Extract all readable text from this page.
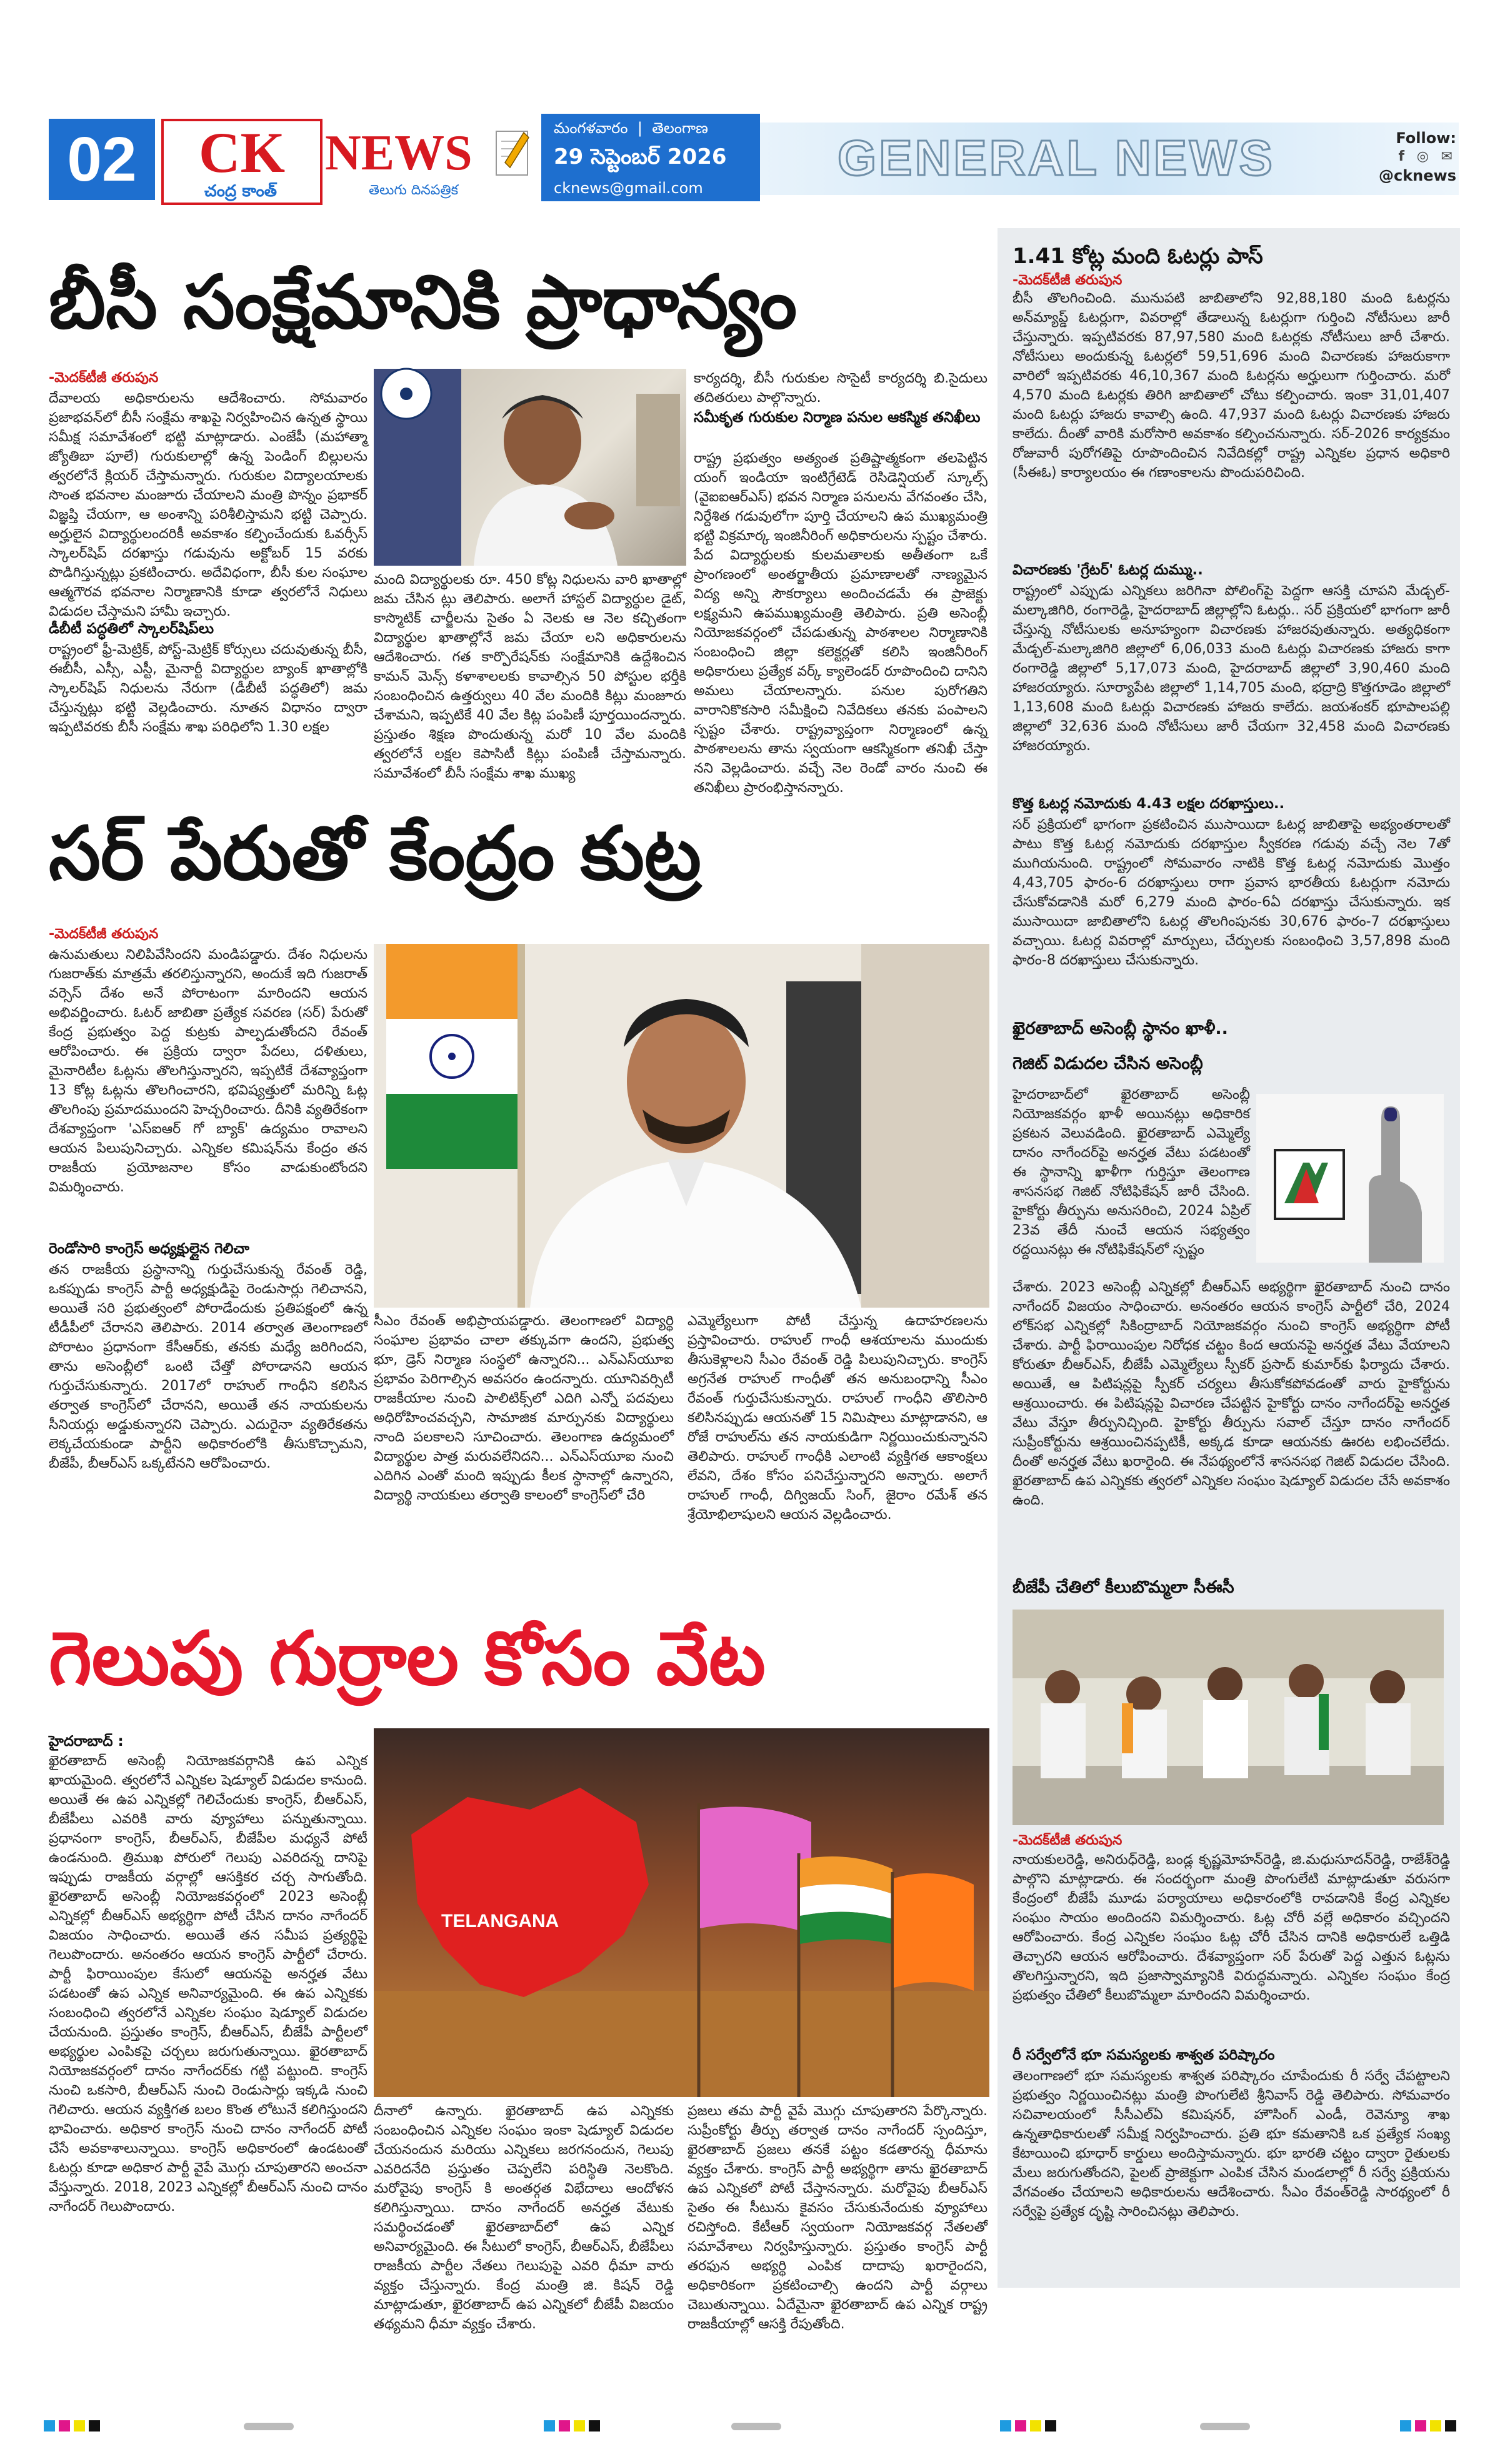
02	CK
చంద్ర కాంత్
NEWS
తెలుగు దినపత్రిక
మంగళవారం  |  తెలంగాణ
29 సెప్టెంబర్ 2026
cknews@gmail.com
GENERAL NEWS	Follow:
f ◎ ✉
@cknews
బీసీ సంక్షేమానికి ప్రాధాన్యం
-మెదక్‌టీజీ తరుపున
దేవాలయ అధికారులను ఆదేశించారు. సోమవారం ప్రజాభవన్‌లో బీసీ సంక్షేమ శాఖపై నిర్వహించిన ఉన్నత స్థాయి సమీక్ష సమావేశంలో భట్టి మాట్లాడారు. ఎంజేపీ (మహాత్మా జ్యోతిబా పూలే) గురుకులాల్లో ఉన్న పెండింగ్ బిల్లులను త్వరలోనే క్లియర్ చేస్తామన్నారు. గురుకుల విద్యాలయాలకు సొంత భవనాల మంజూరు చేయాలని మంత్రి పొన్నం ప్రభాకర్ విజ్ఞప్తి చేయగా, ఆ అంశాన్ని పరిశీలిస్తామని భట్టి చెప్పారు. అర్హులైన విద్యార్థులందరికీ అవకాశం కల్పించేందుకు ఓవర్సీస్ స్కాలర్‌షిప్ దరఖాస్తు గడువును అక్టోబర్ 15 వరకు పొడిగిస్తున్నట్లు ప్రకటించారు. అదేవిధంగా, బీసీ కుల సంఘాల ఆత్మగౌరవ భవనాల నిర్మాణానికి కూడా త్వరలోనే నిధులు విడుదల చేస్తామని హామీ ఇచ్చారు.
డీబీటీ పద్ధతిలో స్కాలర్‌షిప్‌లు
రాష్ట్రంలో ఫ్రీ-మెట్రిక్, పోస్ట్-మెట్రిక్ కోర్సులు చదువుతున్న బీసీ, ఈబీసీ, ఎస్సీ, ఎస్టీ, మైనార్టీ విద్యార్థుల బ్యాంక్ ఖాతాల్లోకి స్కాలర్‌షిప్ నిధులను నేరుగా (డీబీటీ పద్ధతిలో) జమ చేస్తున్నట్లు భట్టి వెల్లడించారు. నూతన విధానం ద్వారా ఇప్పటివరకు బీసీ సంక్షేమ శాఖ పరిధిలోని 1.30 లక్షల
మంది విద్యార్థులకు రూ. 450 కోట్ల నిధులను వారి ఖాతాల్లో జమ చేసిన ట్లు తెలిపారు. అలాగే హాస్టల్ విద్యార్థుల డైట్, కాస్మొటిక్ చార్జీలను సైతం ఏ నెలకు ఆ నెల కచ్చితంగా విద్యార్థుల ఖాతాల్లోనే జమ చేయా లని అధికారులను ఆదేశించారు. గత కార్పొరేషన్‌కు సంక్షేమానికి ఉద్దేశించిన కామన్ మెన్స్ కళాశాలలకు కావాల్సిన 50 పోస్టుల భర్తీకి సంబంధించిన ఉత్తర్వులు 40 వేల మందికి కిట్లు మంజూరు చేశామని, ఇప్పటికే 40 వేల కిట్ల పంపిణీ పూర్తయిందన్నారు. ప్రస్తుతం శిక్షణ పొందుతున్న మరో 10 వేల మందికి త్వరలోనే లక్షల కెపాసిటీ కిట్లు పంపిణీ చేస్తామన్నారు. సమావేశంలో బీసీ సంక్షేమ శాఖ ముఖ్య
కార్యదర్శి, బీసీ గురుకుల సొసైటీ కార్యదర్శి బి.సైదులు తదితరులు పాల్గొన్నారు.
సమీకృత గురుకుల నిర్మాణ పనుల ఆకస్మిక తనిఖీలు
రాష్ట్ర ప్రభుత్వం అత్యంత ప్రతిష్టాత్మకంగా తలపెట్టిన యంగ్ ఇండియా ఇంటిగ్రేటెడ్ రెసిడెన్షియల్ స్కూల్స్ (వైఐఐఆర్‌ఎస్) భవన నిర్మాణ పనులను వేగవంతం చేసి, నిర్దేశిత గడువులోగా పూర్తి చేయాలని ఉప ముఖ్యమంత్రి భట్టి విక్రమార్క ఇంజినీరింగ్ అధికారులను స్పష్టం చేశారు. పేద విద్యార్థులకు కులమతాలకు అతీతంగా ఒకే ప్రాంగణంలో అంతర్జాతీయ ప్రమాణాలతో నాణ్యమైన విద్య అన్ని సౌకర్యాలు అందించడమే ఈ ప్రాజెక్టు లక్ష్యమని ఉపముఖ్యమంత్రి తెలిపారు. ప్రతి అసెంబ్లీ నియోజకవర్గంలో చేపడుతున్న పాఠశాలల నిర్మాణానికి సంబంధించి జిల్లా కలెక్టర్లతో కలిసి ఇంజినీరింగ్ అధికారులు ప్రత్యేక వర్క్ క్యాలెండర్ రూపొందించి దానిని అమలు చేయాలన్నారు. పనుల పురోగతిని వారానికొకసారి సమీక్షించి నివేదికలు తనకు పంపాలని స్పష్టం చేశారు. రాష్ట్రవ్యాప్తంగా నిర్మాణంలో ఉన్న పాఠశాలలను తాను స్వయంగా ఆకస్మికంగా తనిఖీ చేస్తా నని వెల్లడించారు. వచ్చే నెల రెండో వారం నుంచి ఈ తనిఖీలు ప్రారంభిస్తానన్నారు.
సర్ పేరుతో కేంద్రం కుట్ర
-మెదక్‌టీజీ తరుపున
ఉనుమతులు నిలిపివేసిందని మండిపడ్డారు. దేశం నిధులను గుజరాత్‌కు మాత్రమే తరలిస్తున్నారని, అందుకే ఇది గుజరాత్ వర్సెస్ దేశం అనే పోరాటంగా మారిందని ఆయన అభివర్ణించారు. ఓటర్ జాబితా ప్రత్యేక సవరణ (సర్) పేరుతో కేంద్ర ప్రభుత్వం పెద్ద కుట్రకు పాల్పడుతోందని రేవంత్ ఆరోపించారు. ఈ ప్రక్రియ ద్వారా పేదలు, దళితులు, మైనారిటీల ఓట్లను తొలగిస్తున్నారని, ఇప్పటికే దేశవ్యాప్తంగా 13 కోట్ల ఓట్లను తొలగించారని, భవిష్యత్తులో మరిన్ని ఓట్ల తొలగింపు ప్రమాదముందని హెచ్చరించారు. దీనికి వ్యతిరేకంగా దేశవ్యాప్తంగా 'ఎస్‌ఐఆర్ గో బ్యాక్' ఉద్యమం రావాలని ఆయన పిలుపునిచ్చారు. ఎన్నికల కమిషన్‌ను కేంద్రం తన రాజకీయ ప్రయోజనాల కోసం వాడుకుంటోందని విమర్శించారు.
రెండోసారి కాంగ్రెస్ అధ్యక్షుల్లైన గెలిచా
తన రాజకీయ ప్రస్థానాన్ని గుర్తుచేసుకున్న రేవంత్ రెడ్డి, ఒకప్పుడు కాంగ్రెస్ పార్టీ అధ్యక్షుడిపై రెండుసార్లు గెలిచానని, అయితే సరి ప్రభుత్వంలో పోరాడేందుకు ప్రతిపక్షంలో ఉన్న టీడీపీలో చేరానని తెలిపారు. 2014 తర్వాత తెలంగాణలో పోరాటం ప్రధానంగా కేసీఆర్‌కు, తనకు మధ్యే జరిగిందని, తాను అసెంబ్లీలో ఒంటి చేత్తో పోరాడానని ఆయన గుర్తుచేసుకున్నారు. 2017లో రాహుల్ గాంధీని కలిసిన తర్వాత కాంగ్రెస్‌లో చేరానని, అయితే తన నాయకులను సీనియర్లు అడ్డుకున్నారని చెప్పారు. ఎదురైనా వ్యతిరేకతను లెక్కచేయకుండా పార్టీని అధికారంలోకి తీసుకొచ్చామని, బీజేపీ, బీఆర్ఎస్ ఒక్కటేనని ఆరోపించారు.
సీఎం రేవంత్ అభిప్రాయపడ్డారు. తెలంగాణలో విద్యార్థి సంఘాల ప్రభావం చాలా తక్కువగా ఉందని, ప్రభుత్వ భూ, డ్రెస్ నిర్మాణ సంస్థలో ఉన్నారని... ఎన్‌ఎస్‌యూఐ ప్రభావం పెరిగాల్సిన అవసరం ఉందన్నారు. యూనివర్సిటీ రాజకీయాల నుంచి పాలిటిక్స్‌లో ఎదిగి ఎన్నో పదవులు అధిరోహించవచ్చని, సామాజిక మార్పునకు విద్యార్థులు నాంది పలకాలని సూచించారు. తెలంగాణ ఉద్యమంలో విద్యార్థుల పాత్ర మరువలేనిదని... ఎన్‌ఎస్‌యూఐ నుంచి ఎదిగిన ఎంతో మంది ఇప్పుడు కీలక స్థానాల్లో ఉన్నారని, విద్యార్థి నాయకులు తర్వాతి కాలంలో కాంగ్రెస్‌లో చేరి
ఎమ్మెల్యేలుగా పోటీ చేస్తున్న ఉదాహరణలను ప్రస్తావించారు. రాహుల్ గాంధీ ఆశయాలను ముందుకు తీసుకెళ్లాలని సీఎం రేవంత్ రెడ్డి పిలుపునిచ్చారు. కాంగ్రెస్ అగ్రనేత రాహుల్ గాంధీతో తన అనుబంధాన్ని సీఎం రేవంత్ గుర్తుచేసుకున్నారు. రాహుల్ గాంధీని తొలిసారి కలిసినప్పుడు ఆయనతో 15 నిమిషాలు మాట్లాడానని, ఆ రోజే రాహుల్‌ను తన నాయకుడిగా నిర్ణయించుకున్నానని తెలిపారు. రాహుల్ గాంధీకి ఎలాంటి వ్యక్తిగత ఆకాంక్షలు లేవని, దేశం కోసం పనిచేస్తున్నారని అన్నారు. అలాగే రాహుల్ గాంధీ, దిగ్విజయ్ సింగ్, జైరాం రమేశ్ తన శ్రేయోభిలాషులని ఆయన వెల్లడించారు.
గెలుపు గుర్రాల కోసం వేట
హైదరాబాద్ :
ఖైరతాబాద్ అసెంబ్లీ నియోజకవర్గానికి ఉప ఎన్నిక ఖాయమైంది. త్వరలోనే ఎన్నికల షెడ్యూల్ విడుదల కానుంది. అయితే ఈ ఉప ఎన్నికల్లో గెలిచేందుకు కాంగ్రెస్, బీఆర్ఎస్, బీజేపీలు ఎవరికి వారు వ్యూహాలు పన్నుతున్నాయి. ప్రధానంగా కాంగ్రెస్, బీఆర్ఎస్, బీజేపీల మధ్యనే పోటీ ఉండనుంది. త్రిముఖ పోరులో గెలుపు ఎవరిదన్న దానిపై ఇప్పుడు రాజకీయ వర్గాల్లో ఆసక్తికర చర్చ సాగుతోంది. ఖైరతాబాద్ అసెంబ్లీ నియోజకవర్గంలో 2023 అసెంబ్లీ ఎన్నికల్లో బీఆర్ఎస్ అభ్యర్థిగా పోటీ చేసిన దానం నాగేందర్ విజయం సాధించారు. అయితే తన సమీప ప్రత్యర్థిపై గెలుపొందారు. అనంతరం ఆయన కాంగ్రెస్ పార్టీలో చేరారు. పార్టీ ఫిరాయింపుల కేసులో ఆయనపై అనర్హత వేటు పడటంతో ఉప ఎన్నిక అనివార్యమైంది. ఈ ఉప ఎన్నికకు సంబంధించి త్వరలోనే ఎన్నికల సంఘం షెడ్యూల్ విడుదల చేయనుంది. ప్రస్తుతం కాంగ్రెస్, బీఆర్ఎస్, బీజేపీ పార్టీలలో అభ్యర్థుల ఎంపికపై చర్చలు జరుగుతున్నాయి. ఖైరతాబాద్ నియోజకవర్గంలో దానం నాగేందర్‌కు గట్టి పట్టుంది. కాంగ్రెస్ నుంచి ఒకసారి, బీఆర్ఎస్ నుంచి రెండుసార్లు ఇక్కడి నుంచి గెలిచారు. ఆయన వ్యక్తిగత బలం కొంత లోటునే కలిగిస్తుందని భావించారు. అధికార కాంగ్రెస్ నుంచి దానం నాగేందర్ పోటీ చేసే అవకాశాలున్నాయి. కాంగ్రెస్ అధికారంలో ఉండటంతో ఓటర్లు కూడా అధికార పార్టీ వైపే మొగ్గు చూపుతారని అంచనా వేస్తున్నారు. 2018, 2023 ఎన్నికల్లో బీఆర్ఎస్ నుంచి దానం నాగేందర్ గెలుపొందారు.
TELANGANA
దీనాలో ఉన్నారు. ఖైరతాబాద్ ఉప ఎన్నికకు సంబంధించిన ఎన్నికల సంఘం ఇంకా షెడ్యూల్ విడుదల చేయనందున మరియు ఎన్నికలు జరగనందున, గెలుపు ఎవరిదనేది ప్రస్తుతం చెప్పలేని పరిస్థితి నెలకొంది. మరోవైపు కాంగ్రెస్ కి అంతర్గత విభేదాలు ఆందోళన కలిగిస్తున్నాయి. దానం నాగేందర్ అనర్హత వేటుకు సమర్థించడంతో ఖైరతాబాద్‌లో ఉప ఎన్నిక అనివార్యమైంది. ఈ సీటులో కాంగ్రెస్, బీఆర్ఎస్, బీజేపీలు రాజకీయ పార్టీల నేతలు గెలుపుపై ఎవరి ధీమా వారు వ్యక్తం చేస్తున్నారు. కేంద్ర మంత్రి జి. కిషన్ రెడ్డి మాట్లాడుతూ, ఖైరతాబాద్ ఉప ఎన్నికలో బీజేపీ విజయం తథ్యమని ధీమా వ్యక్తం చేశారు.
ప్రజలు తమ పార్టీ వైపే మొగ్గు చూపుతారని పేర్కొన్నారు. సుప్రీంకోర్టు తీర్పు తర్వాత దానం నాగేందర్ స్పందిస్తూ, ఖైరతాబాద్ ప్రజలు తనకే పట్టం కడతారన్న ధీమాను వ్యక్తం చేశారు. కాంగ్రెస్ పార్టీ అభ్యర్థిగా తాను ఖైరతాబాద్ ఉప ఎన్నికలో పోటీ చేస్తానన్నారు. మరోవైపు బీఆర్ఎస్ సైతం ఈ సీటును కైవసం చేసుకునేందుకు వ్యూహాలు రచిస్తోంది. కేటీఆర్ స్వయంగా నియోజకవర్గ నేతలతో సమావేశాలు నిర్వహిస్తున్నారు. ప్రస్తుతం కాంగ్రెస్ పార్టీ తరఫున అభ్యర్థి ఎంపిక దాదాపు ఖరారైందని, అధికారికంగా ప్రకటించాల్సి ఉందని పార్టీ వర్గాలు చెబుతున్నాయి. ఏదేమైనా ఖైరతాబాద్ ఉప ఎన్నిక రాష్ట్ర రాజకీయాల్లో ఆసక్తి రేపుతోంది.
1.41 కోట్ల మంది ఓటర్లు పాస్
-మెదక్‌టీజీ తరుపున
బీసీ తొలగించింది. మునుపటి జాబితాలోని 92,88,180 మంది ఓటర్లను అన్‌మ్యాప్డ్ ఓటర్లుగా, వివరాల్లో తేడాలున్న ఓటర్లుగా గుర్తించి నోటీసులు జారీ చేస్తున్నారు. ఇప్పటివరకు 87,97,580 మంది ఓటర్లకు నోటీసులు జారీ చేశారు. నోటీసులు అందుకున్న ఓటర్లలో 59,51,696 మంది విచారణకు హాజరుకాగా వారిలో ఇప్పటివరకు 46,10,367 మంది ఓటర్లను అర్హులుగా గుర్తించారు. మరో 4,570 మంది ఓటర్లకు తిరిగి జాబితాలో చోటు కల్పించారు. ఇంకా 31,01,407 మంది ఓటర్లు హాజరు కావాల్సి ఉంది. 47,937 మంది ఓటర్లు విచారణకు హాజరు కాలేదు. దీంతో వారికి మరోసారి అవకాశం కల్పించనున్నారు. సర్-2026 కార్యక్రమం రోజువారీ పురోగతిపై రూపొందించిన నివేదికల్లో రాష్ట్ర ఎన్నికల ప్రధాన అధికారి (సీఈఓ) కార్యాలయం ఈ గణాంకాలను పొందుపరిచింది.
విచారణకు 'గ్రేటర్' ఓటర్ల దుమ్ము..
రాష్ట్రంలో ఎప్పుడు ఎన్నికలు జరిగినా పోలింగ్‌పై పెద్దగా ఆసక్తి చూపని మేడ్చల్-మల్కాజిగిరి, రంగారెడ్డి, హైదరాబాద్ జిల్లాల్లోని ఓటర్లు.. సర్ ప్రక్రియలో భాగంగా జారీ చేస్తున్న నోటీసులకు అనూహ్యంగా విచారణకు హాజరవుతున్నారు. అత్యధికంగా మేడ్చల్-మల్కాజిగిరి జిల్లాలో 6,06,033 మంది ఓటర్లు విచారణకు హాజరు కాగా రంగారెడ్డి జిల్లాలో 5,17,073 మంది, హైదరాబాద్ జిల్లాలో 3,90,460 మంది హాజరయ్యారు. సూర్యాపేట జిల్లాలో 1,14,705 మంది, భద్రాద్రి కొత్తగూడెం జిల్లాలో 1,13,608 మంది ఓటర్లు విచారణకు హాజరు కాలేదు. జయశంకర్ భూపాలపల్లి జిల్లాలో 32,636 మంది నోటీసులు జారీ చేయగా 32,458 మంది విచారణకు హాజరయ్యారు.
కొత్త ఓటర్ల నమోదుకు 4.43 లక్షల దరఖాస్తులు..
సర్ ప్రక్రియలో భాగంగా ప్రకటించిన ముసాయిదా ఓటర్ల జాబితాపై అభ్యంతరాలతో పాటు కొత్త ఓటర్ల నమోదుకు దరఖాస్తుల స్వీకరణ గడువు వచ్చే నెల 7తో ముగియనుంది. రాష్ట్రంలో సోమవారం నాటికి కొత్త ఓటర్ల నమోదుకు మొత్తం 4,43,705 ఫారం-6 దరఖాస్తులు రాగా ప్రవాస భారతీయ ఓటర్లుగా నమోదు చేసుకోవడానికి మరో 6,279 మంది ఫారం-6ఏ దరఖాస్తు చేసుకున్నారు. ఇక ముసాయిదా జాబితాలోని ఓటర్ల తొలగింపునకు 30,676 ఫారం-7 దరఖాస్తులు వచ్చాయి. ఓటర్ల వివరాల్లో మార్పులు, చేర్పులకు సంబంధించి 3,57,898 మంది ఫారం-8 దరఖాస్తులు చేసుకున్నారు.
ఖైరతాబాద్ అసెంబ్లీ స్థానం ఖాళీ..
గెజిట్ విడుదల చేసిన అసెంబ్లీ
హైదరాబాద్‌లో ఖైరతాబాద్ అసెంబ్లీ నియోజకవర్గం ఖాళీ అయినట్లు అధికారిక ప్రకటన వెలువడింది. ఖైరతాబాద్ ఎమ్మెల్యే దానం నాగేందర్‌పై అనర్హత వేటు పడటంతో ఈ స్థానాన్ని ఖాళీగా గుర్తిస్తూ తెలంగాణ శాసనసభ గెజిట్ నోటిఫికేషన్ జారీ చేసింది. హైకోర్టు తీర్పును అనుసరించి, 2024 ఏప్రిల్ 23వ తేదీ నుంచే ఆయన సభ్యత్వం రద్దయినట్లు ఈ నోటిఫికేషన్‌లో స్పష్టం
చేశారు. 2023 అసెంబ్లీ ఎన్నికల్లో బీఆర్ఎస్ అభ్యర్థిగా ఖైరతాబాద్ నుంచి దానం నాగేందర్ విజయం సాధించారు. అనంతరం ఆయన కాంగ్రెస్ పార్టీలో చేరి, 2024 లోక్‌సభ ఎన్నికల్లో సికింద్రాబాద్ నియోజకవర్గం నుంచి కాంగ్రెస్ అభ్యర్థిగా పోటీ చేశారు. పార్టీ ఫిరాయింపుల నిరోధక చట్టం కింద ఆయనపై అనర్హత వేటు వేయాలని కోరుతూ బీఆర్ఎస్, బీజేపీ ఎమ్మెల్యేలు స్పీకర్ ప్రసాద్ కుమార్‌కు ఫిర్యాదు చేశారు. అయితే, ఆ పిటిషన్లపై స్పీకర్ చర్యలు తీసుకోకపోవడంతో వారు హైకోర్టును ఆశ్రయించారు. ఈ పిటిషన్లపై విచారణ చేపట్టిన హైకోర్టు దానం నాగేందర్‌పై అనర్హత వేటు వేస్తూ తీర్పునిచ్చింది. హైకోర్టు తీర్పును సవాల్ చేస్తూ దానం నాగేందర్ సుప్రీంకోర్టును ఆశ్రయించినప్పటికీ, అక్కడ కూడా ఆయనకు ఊరట లభించలేదు. దీంతో అనర్హత వేటు ఖరారైంది. ఈ నేపథ్యంలోనే శాసనసభ గెజిట్ విడుదల చేసింది. ఖైరతాబాద్ ఉప ఎన్నికకు త్వరలో ఎన్నికల సంఘం షెడ్యూల్ విడుదల చేసే అవకాశం ఉంది.
బీజేపీ చేతిలో కీలుబొమ్మలా సీఈసీ
-మెదక్‌టీజీ తరుపున
నాయకులరెడ్డి, అనిరుధ్‌రెడ్డి, బండ్ల కృష్ణమోహన్‌రెడ్డి, జి.మధుసూదన్‌రెడ్డి, రాజేశ్‌రెడ్డి పాల్గొని మాట్లాడారు. ఈ సందర్భంగా మంత్రి పొంగులేటి మాట్లాడుతూ వరుసగా కేంద్రంలో బీజేపీ మూడు పర్యాయాలు అధికారంలోకి రావడానికి కేంద్ర ఎన్నికల సంఘం సాయం అందిందని విమర్శించారు. ఓట్ల చోరీ వల్లే అధికారం వచ్చిందని ఆరోపించారు. కేంద్ర ఎన్నికల సంఘం ఓట్ల చోరీ చేసిన దానికి అధికారులే ఒత్తిడి తెచ్చారని ఆయన ఆరోపించారు. దేశవ్యాప్తంగా సర్ పేరుతో పెద్ద ఎత్తున ఓట్లను తొలగిస్తున్నారని, ఇది ప్రజాస్వామ్యానికి విరుద్ధమన్నారు. ఎన్నికల సంఘం కేంద్ర ప్రభుత్వం చేతిలో కీలుబొమ్మలా మారిందని విమర్శించారు.
రీ సర్వేలోనే భూ సమస్యలకు శాశ్వత పరిష్కారం
తెలంగాణలో భూ సమస్యలకు శాశ్వత పరిష్కారం చూపేందుకు రీ సర్వే చేపట్టాలని ప్రభుత్వం నిర్ణయించినట్లు మంత్రి పొంగులేటి శ్రీనివాస్ రెడ్డి తెలిపారు. సోమవారం సచివాలయంలో సీసీఎల్ఏ కమిషనర్, హౌసింగ్ ఎండీ, రెవెన్యూ శాఖ ఉన్నతాధికారులతో సమీక్ష నిర్వహించారు. ప్రతి భూ కమతానికి ఒక ప్రత్యేక సంఖ్య కేటాయించి భూధార్ కార్డులు అందిస్తామన్నారు. భూ భారతి చట్టం ద్వారా రైతులకు మేలు జరుగుతోందని, పైలట్ ప్రాజెక్టుగా ఎంపిక చేసిన మండలాల్లో రీ సర్వే ప్రక్రియను వేగవంతం చేయాలని అధికారులను ఆదేశించారు. సీఎం రేవంత్‌రెడ్డి సారథ్యంలో రీ సర్వేపై ప్రత్యేక దృష్టి సారించినట్లు తెలిపారు.
